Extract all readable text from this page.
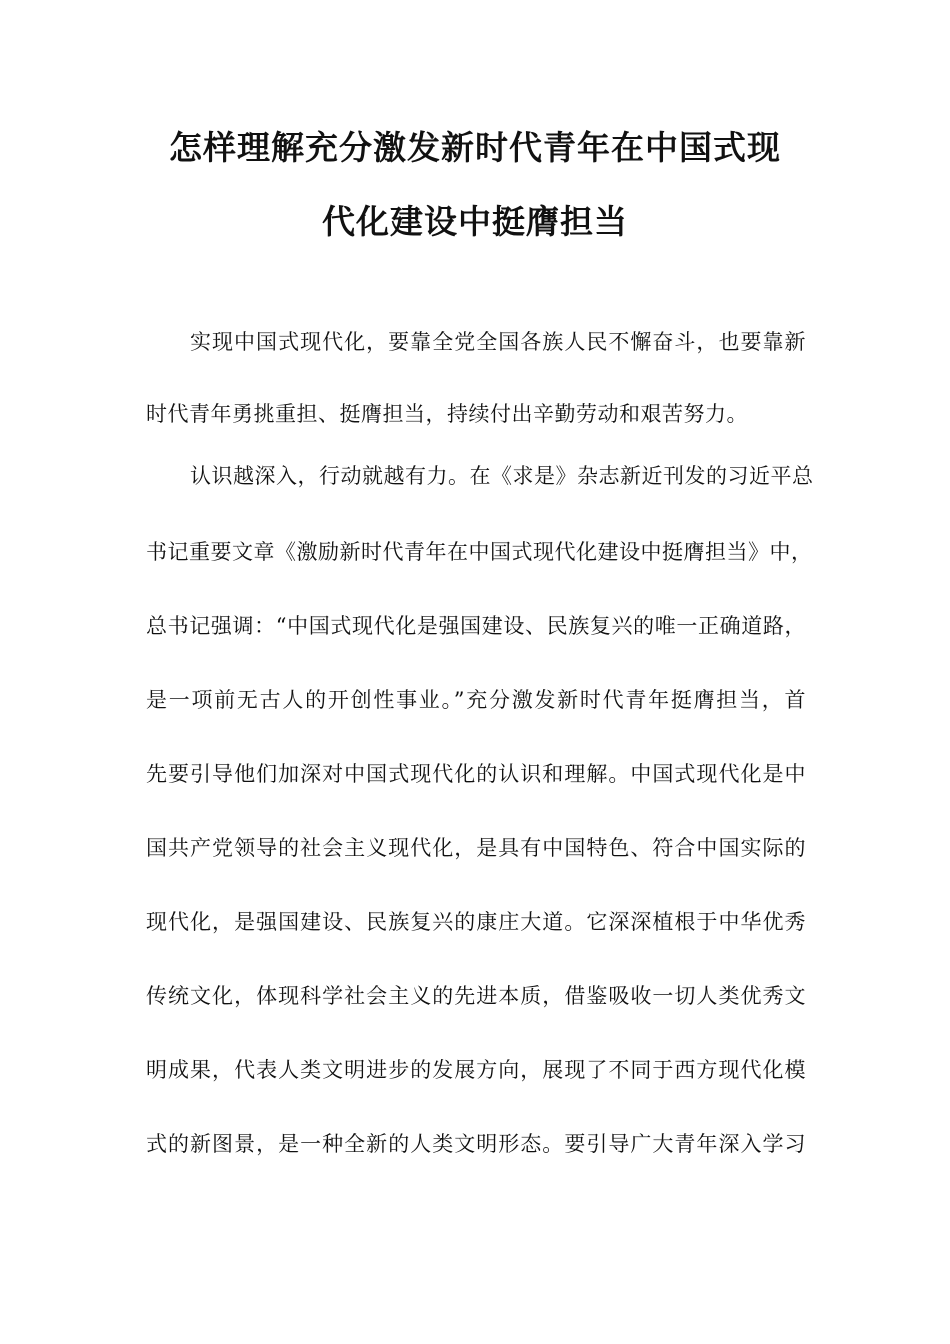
怎样理解充分激发新时代青年在中国式现
代化建设中挺膺担当
实现中国式现代化，要靠全党全国各族人民不懈奋斗，也要靠新
时代青年勇挑重担、挺膺担当，持续付出辛勤劳动和艰苦努力。
认识越深入，行动就越有力。在《求是》杂志新近刊发的习近平总
书记重要文章《激励新时代青年在中国式现代化建设中挺膺担当》中，
总书记强调：“中国式现代化是强国建设、民族复兴的唯一正确道路，
是一项前无古人的开创性事业。”充分激发新时代青年挺膺担当，首
先要引导他们加深对中国式现代化的认识和理解。中国式现代化是中
国共产党领导的社会主义现代化，是具有中国特色、符合中国实际的
现代化，是强国建设、民族复兴的康庄大道。它深深植根于中华优秀
传统文化，体现科学社会主义的先进本质，借鉴吸收一切人类优秀文
明成果，代表人类文明进步的发展方向，展现了不同于西方现代化模
式的新图景，是一种全新的人类文明形态。要引导广大青年深入学习
